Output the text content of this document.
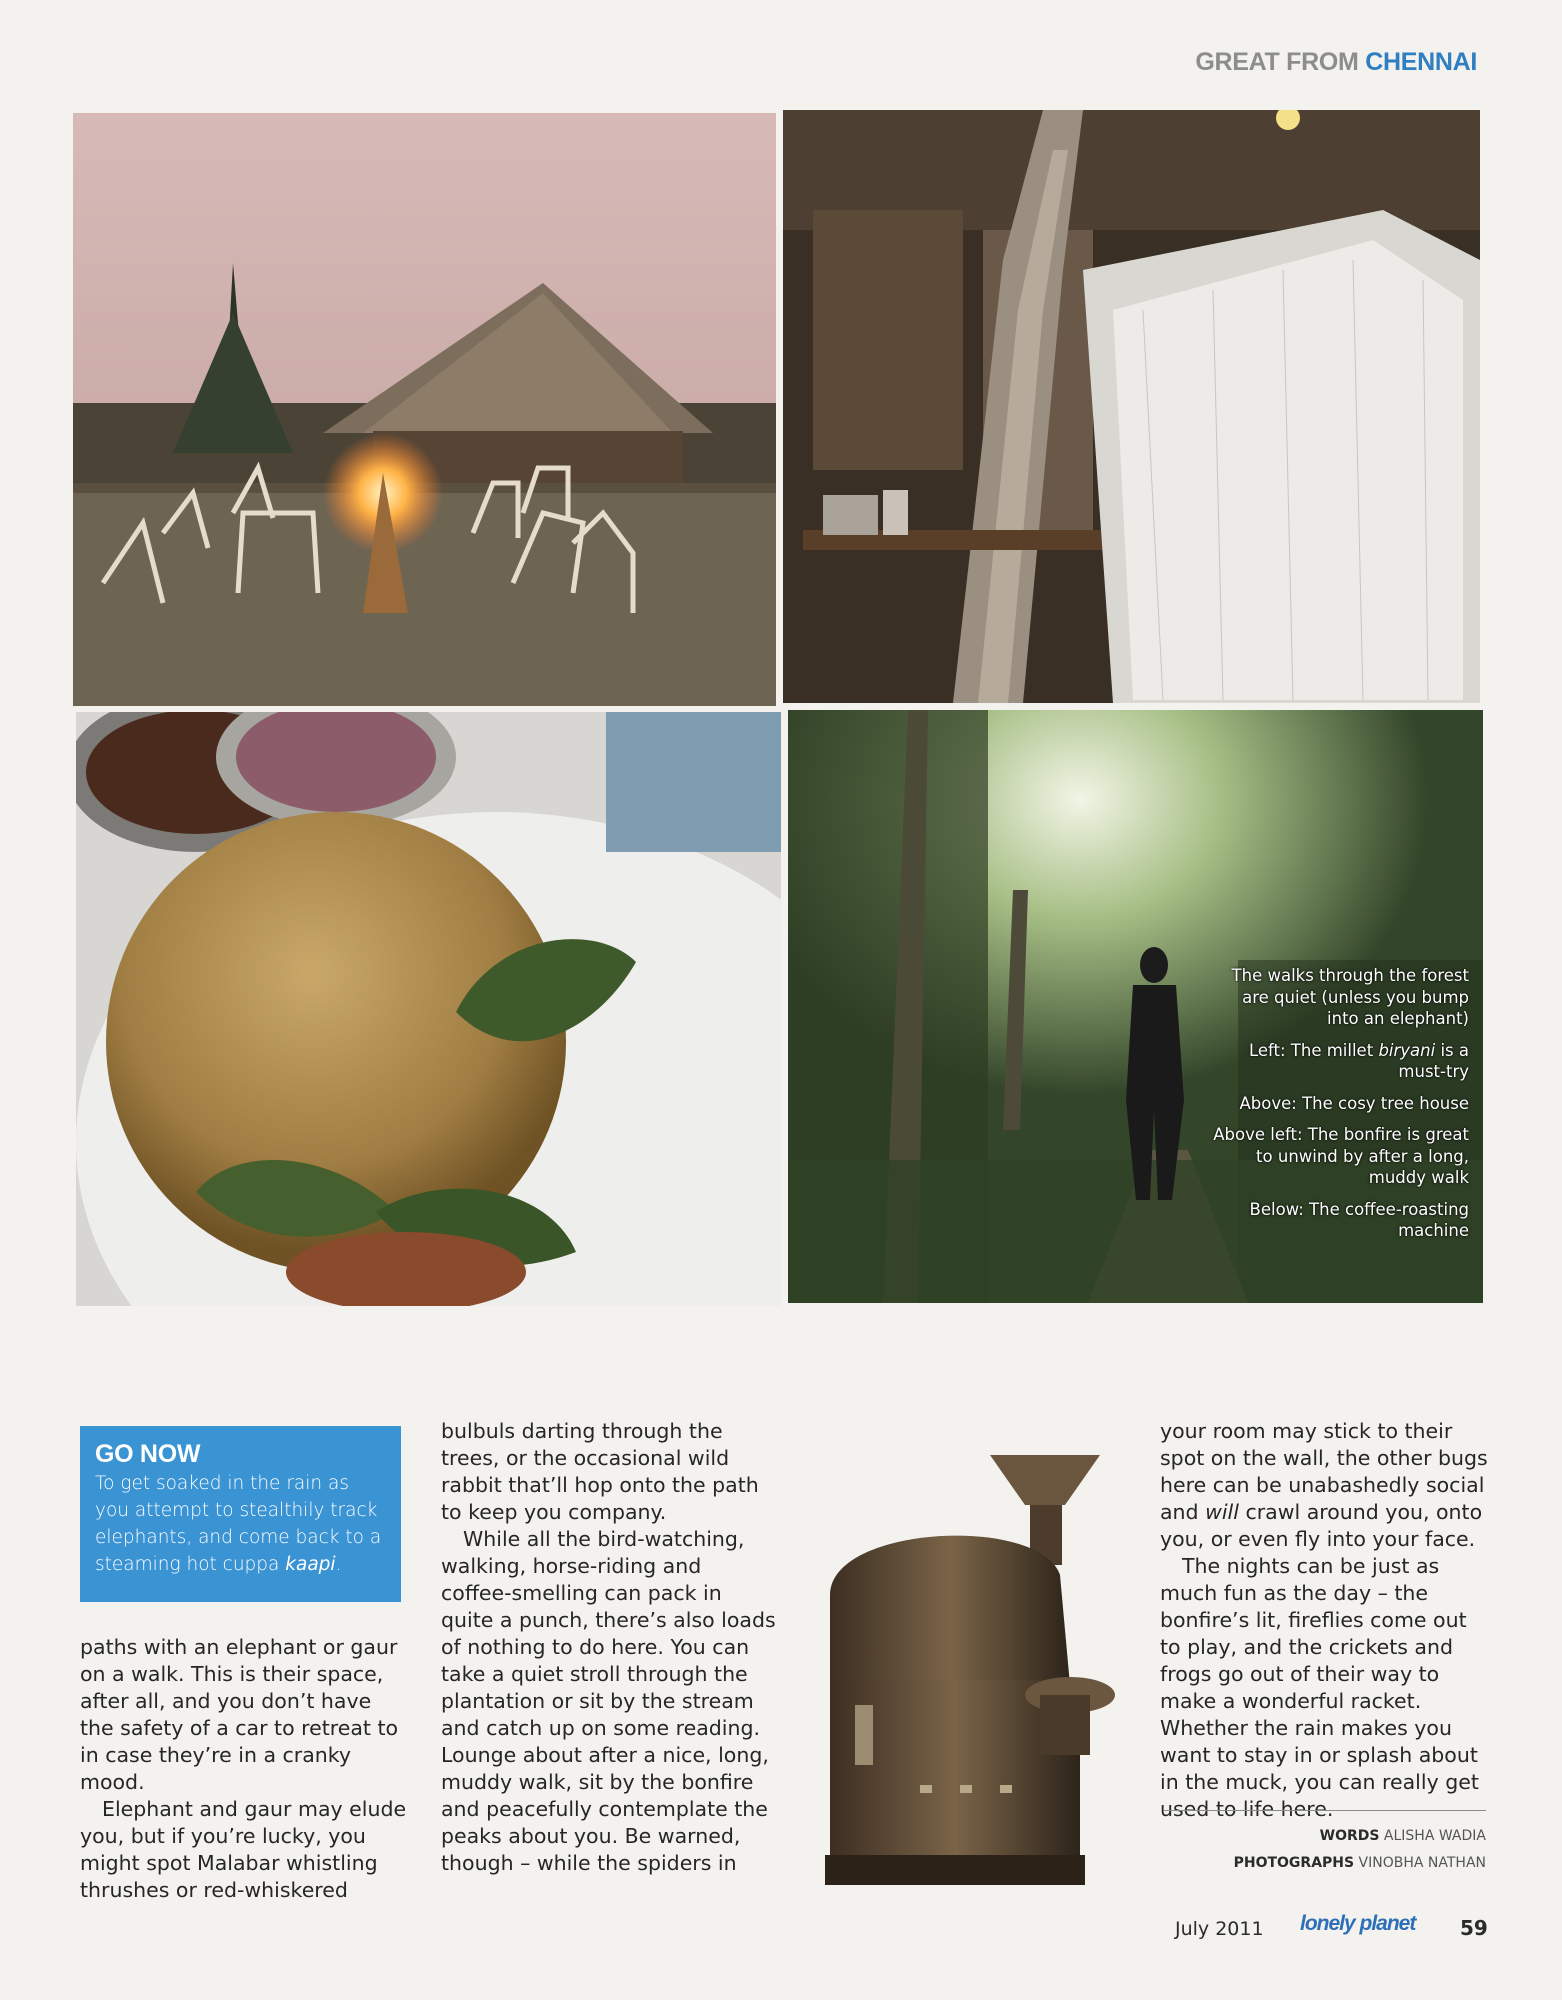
GREAT FROM CHENNAI

The walks through the forest are quiet (unless you bump into an elephant)

Left: The millet biryani is a must-try

Above: The cosy tree house

Above left: The bonfire is great to unwind by after a long, muddy walk

Below: The coffee-roasting machine

GO NOW
To get soaked in the rain as you attempt to stealthily track elephants, and come back to a steaming hot cuppa kaapi.

paths with an elephant or gaur on a walk. This is their space, after all, and you don’t have the safety of a car to retreat to in case they’re in a cranky mood.

Elephant and gaur may elude you, but if you’re lucky, you might spot Malabar whistling thrushes or red-whiskered

bulbuls darting through the trees, or the occasional wild rabbit that’ll hop onto the path to keep you company.

While all the bird-watching, walking, horse-riding and coffee-smelling can pack in quite a punch, there’s also loads of nothing to do here. You can take a quiet stroll through the plantation or sit by the stream and catch up on some reading. Lounge about after a nice, long, muddy walk, sit by the bonfire and peacefully contemplate the peaks about you. Be warned, though – while the spiders in

your room may stick to their spot on the wall, the other bugs here can be unabashedly social and will crawl around you, onto you, or even fly into your face.

The nights can be just as much fun as the day – the bonfire’s lit, fireflies come out to play, and the crickets and frogs go out of their way to make a wonderful racket. Whether the rain makes you want to stay in or splash about in the muck, you can really get used to life here.

WORDS ALISHA WADIA
PHOTOGRAPHS VINOBHA NATHAN
July 2011 lonely planet 59
